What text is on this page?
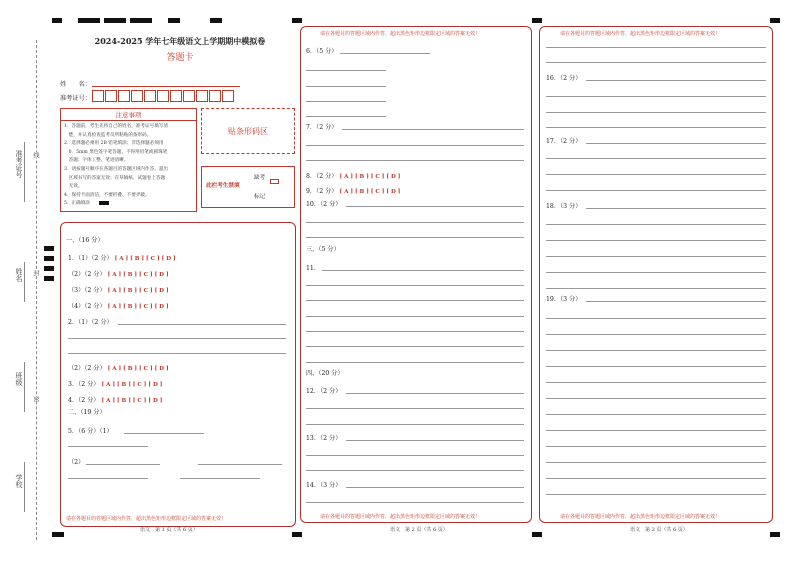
准考证号
姓名
班级
学校
线
封
密
2024-2025 学年七年级语文上学期期中模拟卷
答题卡
姓　　名：
准考证号：
注意事项
1．答题前，考生先将自己的姓名，准考证号填写清
　楚，并认真检查监考员所粘贴的条形码。
2．选择题必须用 2B 铅笔填涂；非选择题必须用
　0．5mm 黑色签字笔答题，不得用铅笔或圆珠笔
　答题；字体工整、笔迹清晰。
3．请按题号顺序在各题目的答题区域内作答，超出
　区域书写的答案无效；在草稿纸、试题卷上答题
　无效。
4．保持卡面清洁，不要折叠、不要弄破。
5．正确填涂
贴条形码区
此栏考生禁填
缺考
标记
一、（16 分）
1．（1）（2 分） [ A ] [ B ] [ C ] [ D ]
（2）（2 分） [ A ] [ B ] [ C ] [ D ]
（3）（2 分） [ A ] [ B ] [ C ] [ D ]
（4）（2 分） [ A ] [ B ] [ C ] [ D ]
2．（1）（2 分）
（2）（2 分） [ A ] [ B ] [ C ] [ D ]
3．（2 分） [ A ] [ B ] [ C ] [ D ]
4．（2 分） [ A ] [ B ] [ C ] [ D ]
二、（19 分）
5．（6 分）（1）
（2）
请在各题目的答题区域内作答，超出黑色矩形边框限定区域的答案无效！
语文　第 1 页（共 6 页）
请在各题目的答题区域内作答，超出黑色矩形边框限定区域的答案无效！
6．（5 分）
7．（2 分）
8．（2 分） [ A ] [ B ] [ C ] [ D ]
9．（2 分） [ A ] [ B ] [ C ] [ D ]
10．（2 分）
三、（5 分）
11．
四、（20 分）
12．（2 分）
13．（2 分）
14．（3 分）
请在各题目的答题区域内作答，超出黑色矩形边框限定区域的答案无效！
语文　第 2 页（共 6 页）
请在各题目的答题区域内作答，超出黑色矩形边框限定区域的答案无效！
16．（2 分）
17．（2 分）
18．（3 分）
19．（3 分）
请在各题目的答题区域内作答，超出黑色矩形边框限定区域的答案无效！
语文　第 3 页（共 6 页）
